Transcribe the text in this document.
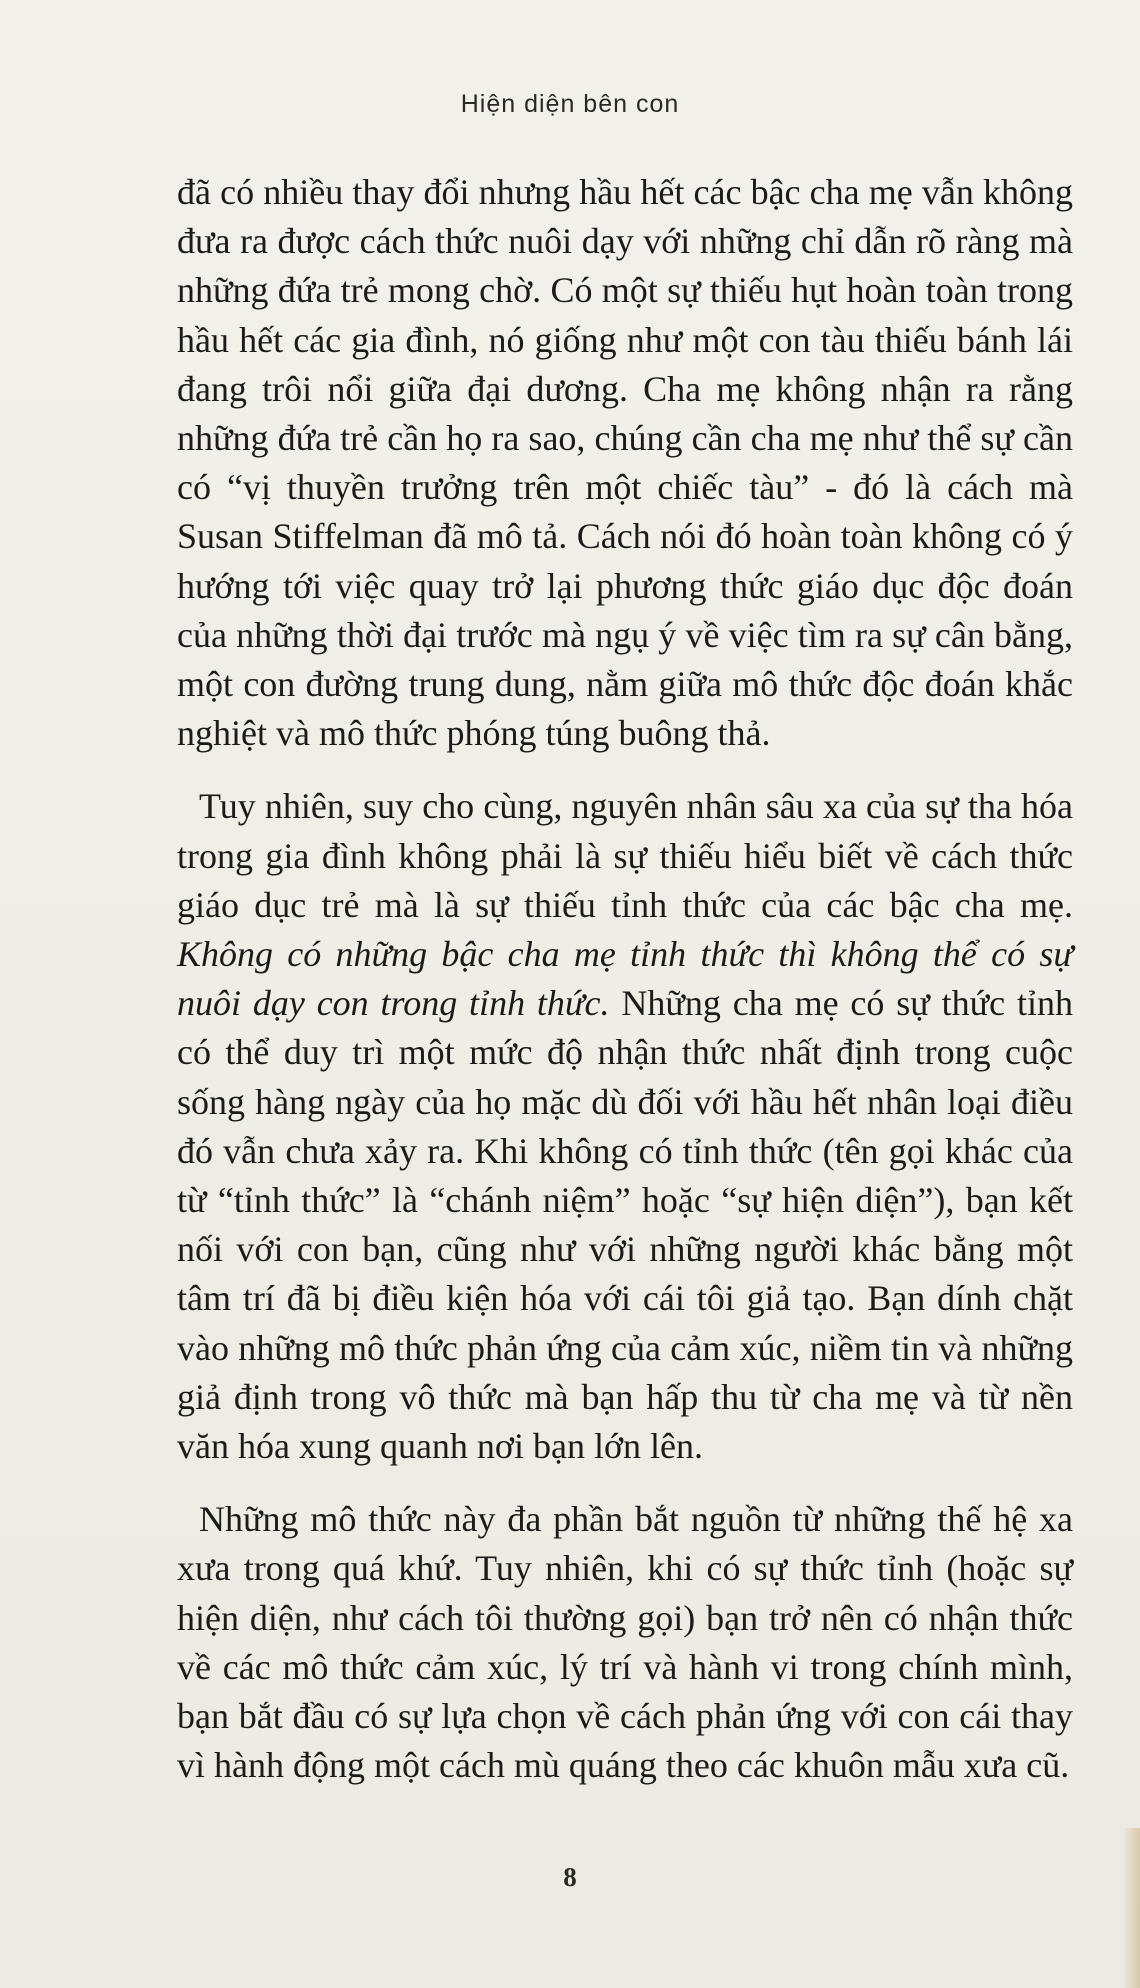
Hiện diện bên con

đã có nhiều thay đổi nhưng hầu hết các bậc cha mẹ vẫn không đưa ra được cách thức nuôi dạy với những chỉ dẫn rõ ràng mà những đứa trẻ mong chờ. Có một sự thiếu hụt hoàn toàn trong hầu hết các gia đình, nó giống như một con tàu thiếu bánh lái đang trôi nổi giữa đại dương. Cha mẹ không nhận ra rằng những đứa trẻ cần họ ra sao, chúng cần cha mẹ như thể sự cần có “vị thuyền trưởng trên một chiếc tàu” - đó là cách mà Susan Stiffelman đã mô tả. Cách nói đó hoàn toàn không có ý hướng tới việc quay trở lại phương thức giáo dục độc đoán của những thời đại trước mà ngụ ý về việc tìm ra sự cân bằng, một con đường trung dung, nằm giữa mô thức độc đoán khắc nghiệt và mô thức phóng túng buông thả.

Tuy nhiên, suy cho cùng, nguyên nhân sâu xa của sự tha hóa trong gia đình không phải là sự thiếu hiểu biết về cách thức giáo dục trẻ mà là sự thiếu tỉnh thức của các bậc cha mẹ. Không có những bậc cha mẹ tỉnh thức thì không thể có sự nuôi dạy con trong tỉnh thức. Những cha mẹ có sự thức tỉnh có thể duy trì một mức độ nhận thức nhất định trong cuộc sống hàng ngày của họ mặc dù đối với hầu hết nhân loại điều đó vẫn chưa xảy ra. Khi không có tỉnh thức (tên gọi khác của từ “tỉnh thức” là “chánh niệm” hoặc “sự hiện diện”), bạn kết nối với con bạn, cũng như với những người khác bằng một tâm trí đã bị điều kiện hóa với cái tôi giả tạo. Bạn dính chặt vào những mô thức phản ứng của cảm xúc, niềm tin và những giả định trong vô thức mà bạn hấp thu từ cha mẹ và từ nền văn hóa xung quanh nơi bạn lớn lên.

Những mô thức này đa phần bắt nguồn từ những thế hệ xa xưa trong quá khứ. Tuy nhiên, khi có sự thức tỉnh (hoặc sự hiện diện, như cách tôi thường gọi) bạn trở nên có nhận thức về các mô thức cảm xúc, lý trí và hành vi trong chính mình, bạn bắt đầu có sự lựa chọn về cách phản ứng với con cái thay vì hành động một cách mù quáng theo các khuôn mẫu xưa cũ.

8
